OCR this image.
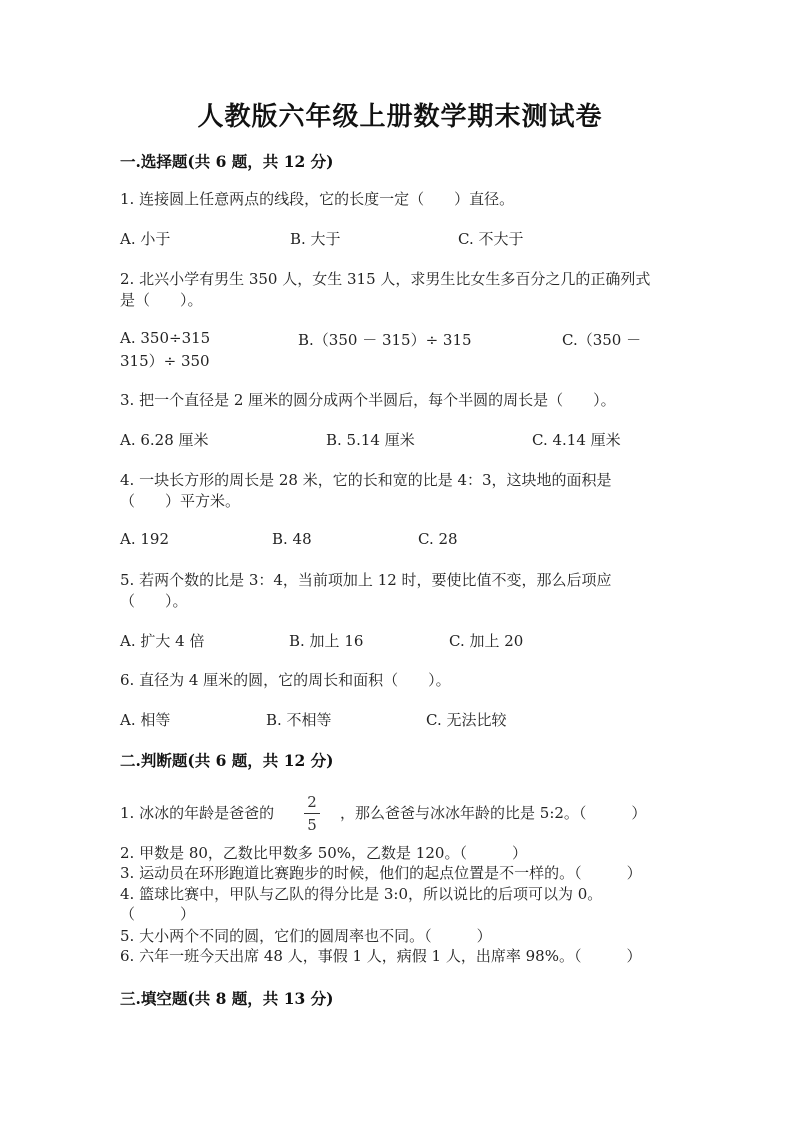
人教版六年级上册数学期末测试卷
一.选择题(共 6 题，共 12 分)
1. 连接圆上任意两点的线段，它的长度一定（　　）直径。
A. 小于	B. 大于	C. 不大于
2. 北兴小学有男生 350 人，女生 315 人，求男生比女生多百分之几的正确列式
是（　　）。
A. 350÷315	B.（350 － 315）÷ 315	C.（350 －
315）÷ 350
3. 把一个直径是 2 厘米的圆分成两个半圆后，每个半圆的周长是（　　）。
A. 6.28 厘米	B. 5.14 厘米	C. 4.14 厘米
4. 一块长方形的周长是 28 米，它的长和宽的比是 4：3，这块地的面积是
（　　）平方米。
A. 192	B. 48	C. 28
5. 若两个数的比是 3：4，当前项加上 12 时，要使比值不变，那么后项应
（　　）。
A. 扩大 4 倍	B. 加上 16	C. 加上 20
6. 直径为 4 厘米的圆，它的周长和面积（　　）。
A. 相等	B. 不相等	C. 无法比较
二.判断题(共 6 题，共 12 分)
1. 冰冰的年龄是爸爸的
2
5
，那么爸爸与冰冰年龄的比是 5:2。（　　　）
2. 甲数是 80，乙数比甲数多 50%，乙数是 120。（　　　）
3. 运动员在环形跑道比赛跑步的时候，他们的起点位置是不一样的。（　　　）
4. 篮球比赛中，甲队与乙队的得分比是 3:0，所以说比的后项可以为 0。
（　　　）
5. 大小两个不同的圆，它们的圆周率也不同。（　　　）
6. 六年一班今天出席 48 人，事假 1 人，病假 1 人，出席率 98%。（　　　）
三.填空题(共 8 题，共 13 分)
